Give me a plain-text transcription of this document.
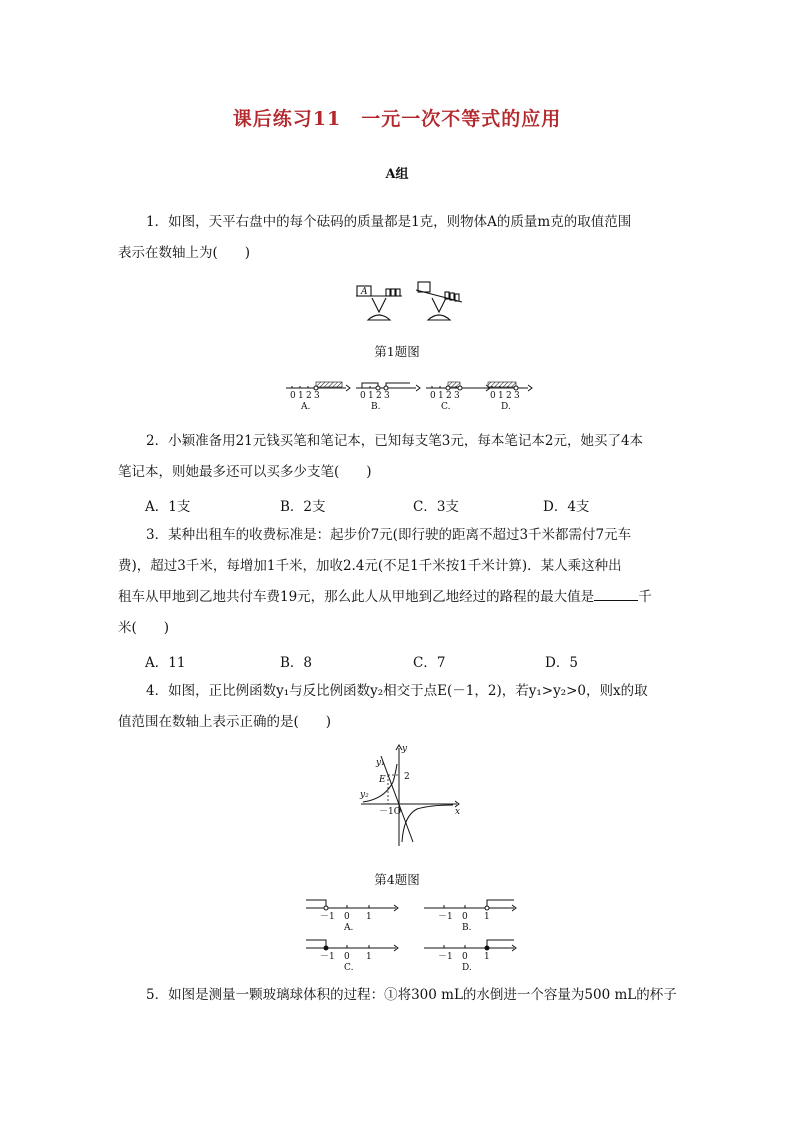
课后练习11　一元一次不等式的应用
A组
1．如图，天平右盘中的每个砝码的质量都是1克，则物体A的质量m克的取值范围
表示在数轴上为(　　)
A
第1题图
0 1 2 3
A.
0 1 2 3
B.
0 1 2 3
C.
0 1 2 3
D.
2．小颖准备用21元钱买笔和笔记本，已知每支笔3元，每本笔记本2元，她买了4本
笔记本，则她最多还可以买多少支笔(　　)
A．1支	B．2支	C．3支	D．4支
3．某种出租车的收费标准是：起步价7元(即行驶的距离不超过3千米都需付7元车
费)，超过3千米，每增加1千米，加收2.4元(不足1千米按1千米计算)．某人乘这种出
租车从甲地到乙地共付车费19元，那么此人从甲地到乙地经过的路程的最大值是	千
米(　　)
A．11	B．8	C．7	D．5
4．如图，正比例函数y₁与反比例函数y₂相交于点E(－1，2)，若y₁>y₂>0，则x的取
值范围在数轴上表示正确的是(　　)
y₁
y₂
E 2
－1O	x
y
第4题图
－1 0 1
A.
－1 0 1
B.
－1 0 1
C.
－1 0 1
D.
5．如图是测量一颗玻璃球体积的过程：①将300 mL的水倒进一个容量为500 mL的杯子
